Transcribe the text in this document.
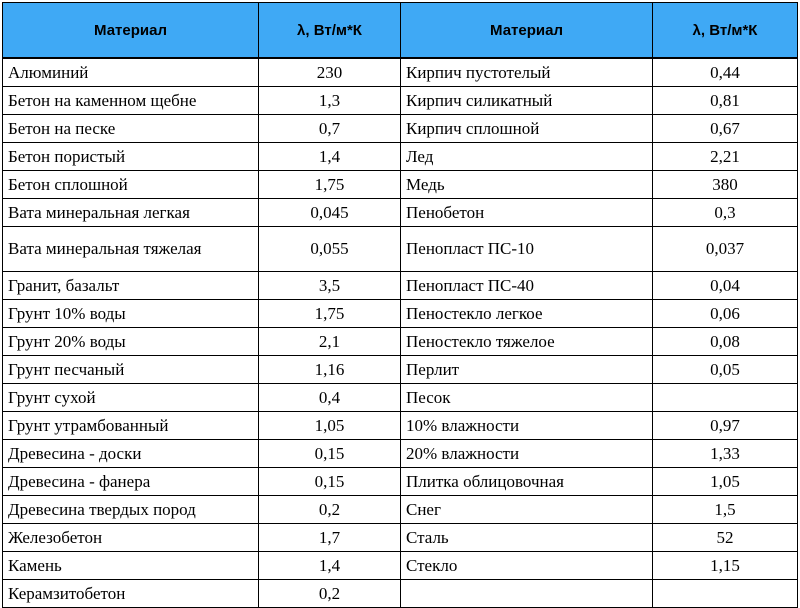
Материал	λ, Вт/м*К	Материал	λ, Вт/м*К
Алюминий	230	Кирпич пустотелый	0,44
Бетон на каменном щебне	1,3	Кирпич силикатный	0,81
Бетон на песке	0,7	Кирпич сплошной	0,67
Бетон пористый	1,4	Лед	2,21
Бетон сплошной	1,75	Медь	380
Вата минеральная легкая	0,045	Пенобетон	0,3
Вата минеральная тяжелая	0,055	Пенопласт ПС-10	0,037
Гранит, базальт	3,5	Пенопласт ПС-40	0,04
Грунт 10% воды	1,75	Пеностекло легкое	0,06
Грунт 20% воды	2,1	Пеностекло тяжелое	0,08
Грунт песчаный	1,16	Перлит	0,05
Грунт сухой	0,4	Песок	
Грунт утрамбованный	1,05	10% влажности	0,97
Древесина - доски	0,15	20% влажности	1,33
Древесина - фанера	0,15	Плитка облицовочная	1,05
Древесина твердых пород	0,2	Снег	1,5
Железобетон	1,7	Сталь	52
Камень	1,4	Стекло	1,15
Керамзитобетон	0,2		
